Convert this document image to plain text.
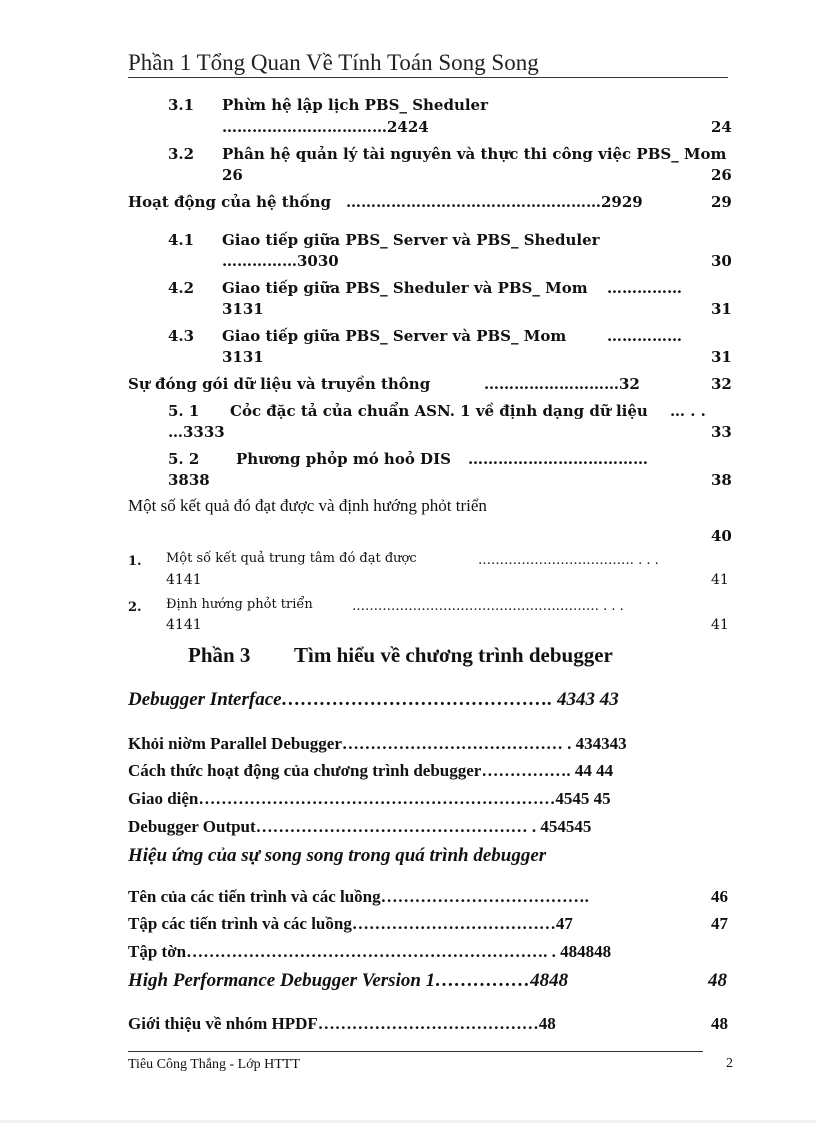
Phần 1 Tổng Quan Về Tính Toán Song Song
3.1 Phừn hệ lập lịch PBS_ Sheduler
……………………………2424	24
3.2 Phân hệ quản lý tài nguyên và thực thi công việc PBS_ Mom
26	26
Hoạt động của hệ thống ……………………………………………2929	29
4.1 Giao tiếp giữa PBS_ Server và PBS_ Sheduler
……………3030	30
4.2 Giao tiếp giữa PBS_ Sheduler và PBS_ Mom ……………
3131	31
4.3 Giao tiếp giữa PBS_ Server và PBS_ Mom	……………
3131	31
Sự đóng gói dữ liệu và truyền thông	………………………32	32
5. 1 Cỏc đặc tả của chuẩn ASN. 1 về định dạng dữ liệu … . .
…3333	33
5. 2 Phương phỏp mó hoỏ DIS ………………………………
3838	38
Một số kết quả đó đạt được và định hướng phỏt triển
40
1. Một số kết quả trung tâm đó đạt được	……………………………… . . .
4141	41
2. Định hướng phỏt triển	………………………………………………… . . .
4141	41
Phần 3 Tìm hiểu về chương trình debugger
Debugger Interface……………………………………. 4343 43
Khỏi niờm Parallel Debugger………………………………… . 434343
Cách thức hoạt động của chương trình debugger……………. 44 44
Giao diện………………………………………………………4545 45
Debugger Output………………………………………… . 454545
Hiệu ứng của sự song song trong quá trình debugger
Tên của các tiến trình và các luồng……………………………….	46
Tập các tiến trình và các luồng………………………………47	47
Tập tờn………………………………………………………. . 484848
High Performance Debugger Version 1……………4848	48
Giới thiệu về nhóm HPDF…………………………………48	48
Tiêu Công Thắng - Lớp HTTT	2
